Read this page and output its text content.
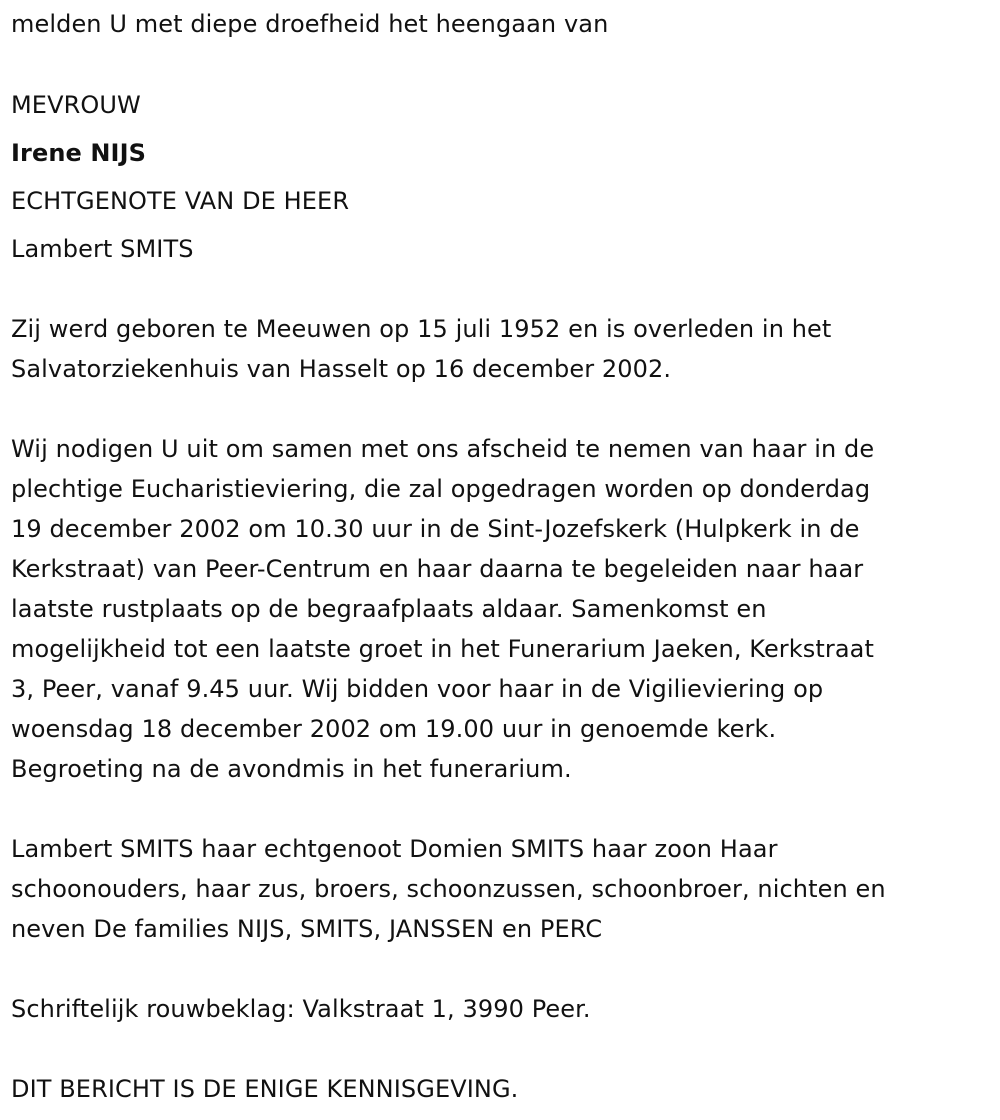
melden U met diepe droefheid het heengaan van
MEVROUW
Irene NIJS
ECHTGENOTE VAN DE HEER
Lambert SMITS
Zij werd geboren te Meeuwen op 15 juli 1952 en is overleden in het
Salvatorziekenhuis van Hasselt op 16 december 2002.
Wij nodigen U uit om samen met ons afscheid te nemen van haar in de
plechtige Eucharistieviering, die zal opgedragen worden op donderdag
19 december 2002 om 10.30 uur in de Sint-Jozefskerk (Hulpkerk in de
Kerkstraat) van Peer-Centrum en haar daarna te begeleiden naar haar
laatste rustplaats op de begraafplaats aldaar. Samenkomst en
mogelijkheid tot een laatste groet in het Funerarium Jaeken, Kerkstraat
3, Peer, vanaf 9.45 uur. Wij bidden voor haar in de Vigilieviering op
woensdag 18 december 2002 om 19.00 uur in genoemde kerk.
Begroeting na de avondmis in het funerarium.
Lambert SMITS haar echtgenoot Domien SMITS haar zoon Haar
schoonouders, haar zus, broers, schoonzussen, schoonbroer, nichten en
neven De families NIJS, SMITS, JANSSEN en PERC
Schriftelijk rouwbeklag: Valkstraat 1, 3990 Peer.
DIT BERICHT IS DE ENIGE KENNISGEVING.
